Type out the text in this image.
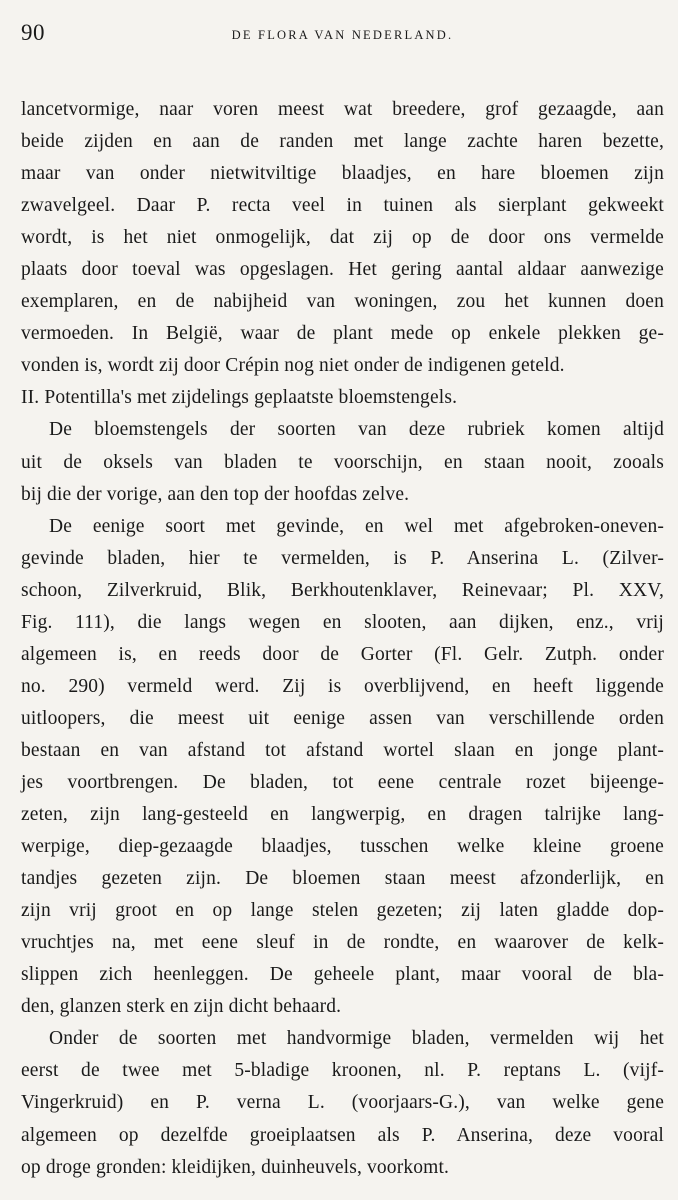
90	DE FLORA VAN NEDERLAND.
lancetvormige, naar voren meest wat breedere, grof gezaagde, aan
beide zijden en aan de randen met lange zachte haren bezette,
maar van onder nietwitviltige blaadjes, en hare bloemen zijn
zwavelgeel. Daar P. recta veel in tuinen als sierplant gekweekt
wordt, is het niet onmogelijk, dat zij op de door ons vermelde
plaats door toeval was opgeslagen. Het gering aantal aldaar aanwezige
exemplaren, en de nabijheid van woningen, zou het kunnen doen
vermoeden. In België, waar de plant mede op enkele plekken ge-
vonden is, wordt zij door Crépin nog niet onder de indigenen geteld.
II. Potentilla's met zijdelings geplaatste bloemstengels.
De bloemstengels der soorten van deze rubriek komen altijd
uit de oksels van bladen te voorschijn, en staan nooit, zooals
bij die der vorige, aan den top der hoofdas zelve.
De eenige soort met gevinde, en wel met afgebroken-oneven-
gevinde bladen, hier te vermelden, is P. Anserina L. (Zilver-
schoon, Zilverkruid, Blik, Berkhoutenklaver, Reinevaar; Pl. XXV,
Fig. 111), die langs wegen en slooten, aan dijken, enz., vrij
algemeen is, en reeds door de Gorter (Fl. Gelr. Zutph. onder
no. 290) vermeld werd. Zij is overblijvend, en heeft liggende
uitloopers, die meest uit eenige assen van verschillende orden
bestaan en van afstand tot afstand wortel slaan en jonge plant-
jes voortbrengen. De bladen, tot eene centrale rozet bijeenge-
zeten, zijn lang-gesteeld en langwerpig, en dragen talrijke lang-
werpige, diep-gezaagde blaadjes, tusschen welke kleine groene
tandjes gezeten zijn. De bloemen staan meest afzonderlijk, en
zijn vrij groot en op lange stelen gezeten; zij laten gladde dop-
vruchtjes na, met eene sleuf in de rondte, en waarover de kelk-
slippen zich heenleggen. De geheele plant, maar vooral de bla-
den, glanzen sterk en zijn dicht behaard.
Onder de soorten met handvormige bladen, vermelden wij het
eerst de twee met 5-bladige kroonen, nl. P. reptans L. (vijf-
Vingerkruid) en P. verna L. (voorjaars-G.), van welke gene
algemeen op dezelfde groeiplaatsen als P. Anserina, deze vooral
op droge gronden: kleidijken, duinheuvels, voorkomt.
